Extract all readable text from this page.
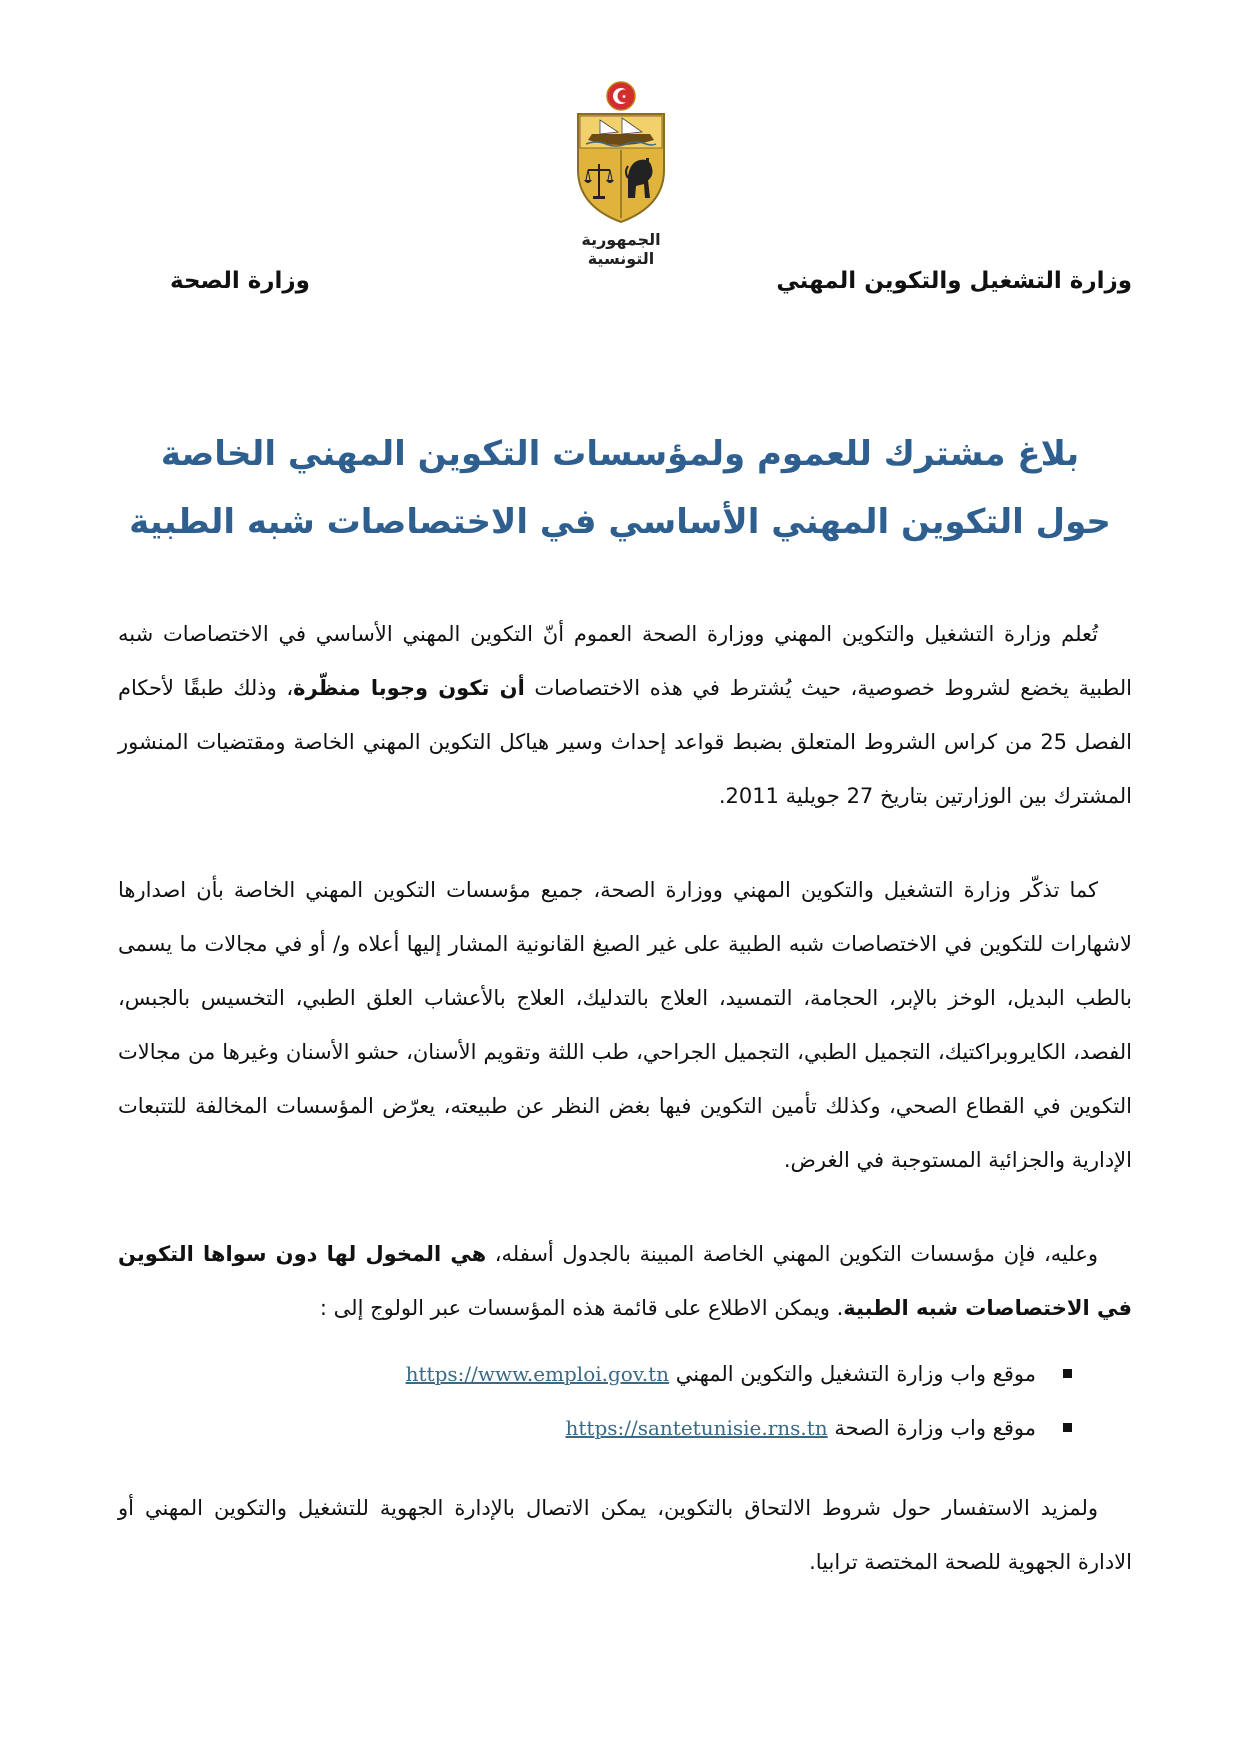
الجمهورية التونسية
وزارة التشغيل والتكوين المهني
وزارة الصحة
بلاغ مشترك للعموم ولمؤسسات التكوين المهني الخاصة
حول التكوين المهني الأساسي في الاختصاصات شبه الطبية

تُعلم وزارة التشغيل والتكوين المهني ووزارة الصحة العموم أنّ التكوين المهني الأساسي في الاختصاصات شبه الطبية يخضع لشروط خصوصية، حيث يُشترط في هذه الاختصاصات أن تكون وجوبا منظّرة، وذلك طبقًا لأحكام الفصل 25 من كراس الشروط المتعلق بضبط قواعد إحداث وسير هياكل التكوين المهني الخاصة ومقتضيات المنشور المشترك بين الوزارتين بتاريخ 27 جويلية 2011.

كما تذكّر وزارة التشغيل والتكوين المهني ووزارة الصحة، جميع مؤسسات التكوين المهني الخاصة بأن اصدارها لاشهارات للتكوين في الاختصاصات شبه الطبية على غير الصيغ القانونية المشار إليها أعلاه و/ أو في مجالات ما يسمى بالطب البديل، الوخز بالإبر، الحجامة، التمسيد، العلاج بالتدليك، العلاج بالأعشاب العلق الطبي، التخسيس بالجبس، الفصد، الكايروبراكتيك، التجميل الطبي، التجميل الجراحي، طب اللثة وتقويم الأسنان، حشو الأسنان وغيرها من مجالات التكوين في القطاع الصحي، وكذلك تأمين التكوين فيها بغض النظر عن طبيعته، يعرّض المؤسسات المخالفة للتتبعات الإدارية والجزائية المستوجبة في الغرض.

وعليه، فإن مؤسسات التكوين المهني الخاصة المبينة بالجدول أسفله، هي المخول لها دون سواها التكوين في الاختصاصات شبه الطبية. ويمكن الاطلاع على قائمة هذه المؤسسات عبر الولوج إلى :

موقع واب وزارة التشغيل والتكوين المهني https://www.emploi.gov.tn
موقع واب وزارة الصحة https://santetunisie.rns.tn

ولمزيد الاستفسار حول شروط الالتحاق بالتكوين، يمكن الاتصال بالإدارة الجهوية للتشغيل والتكوين المهني أو الادارة الجهوية للصحة المختصة ترابيا.
